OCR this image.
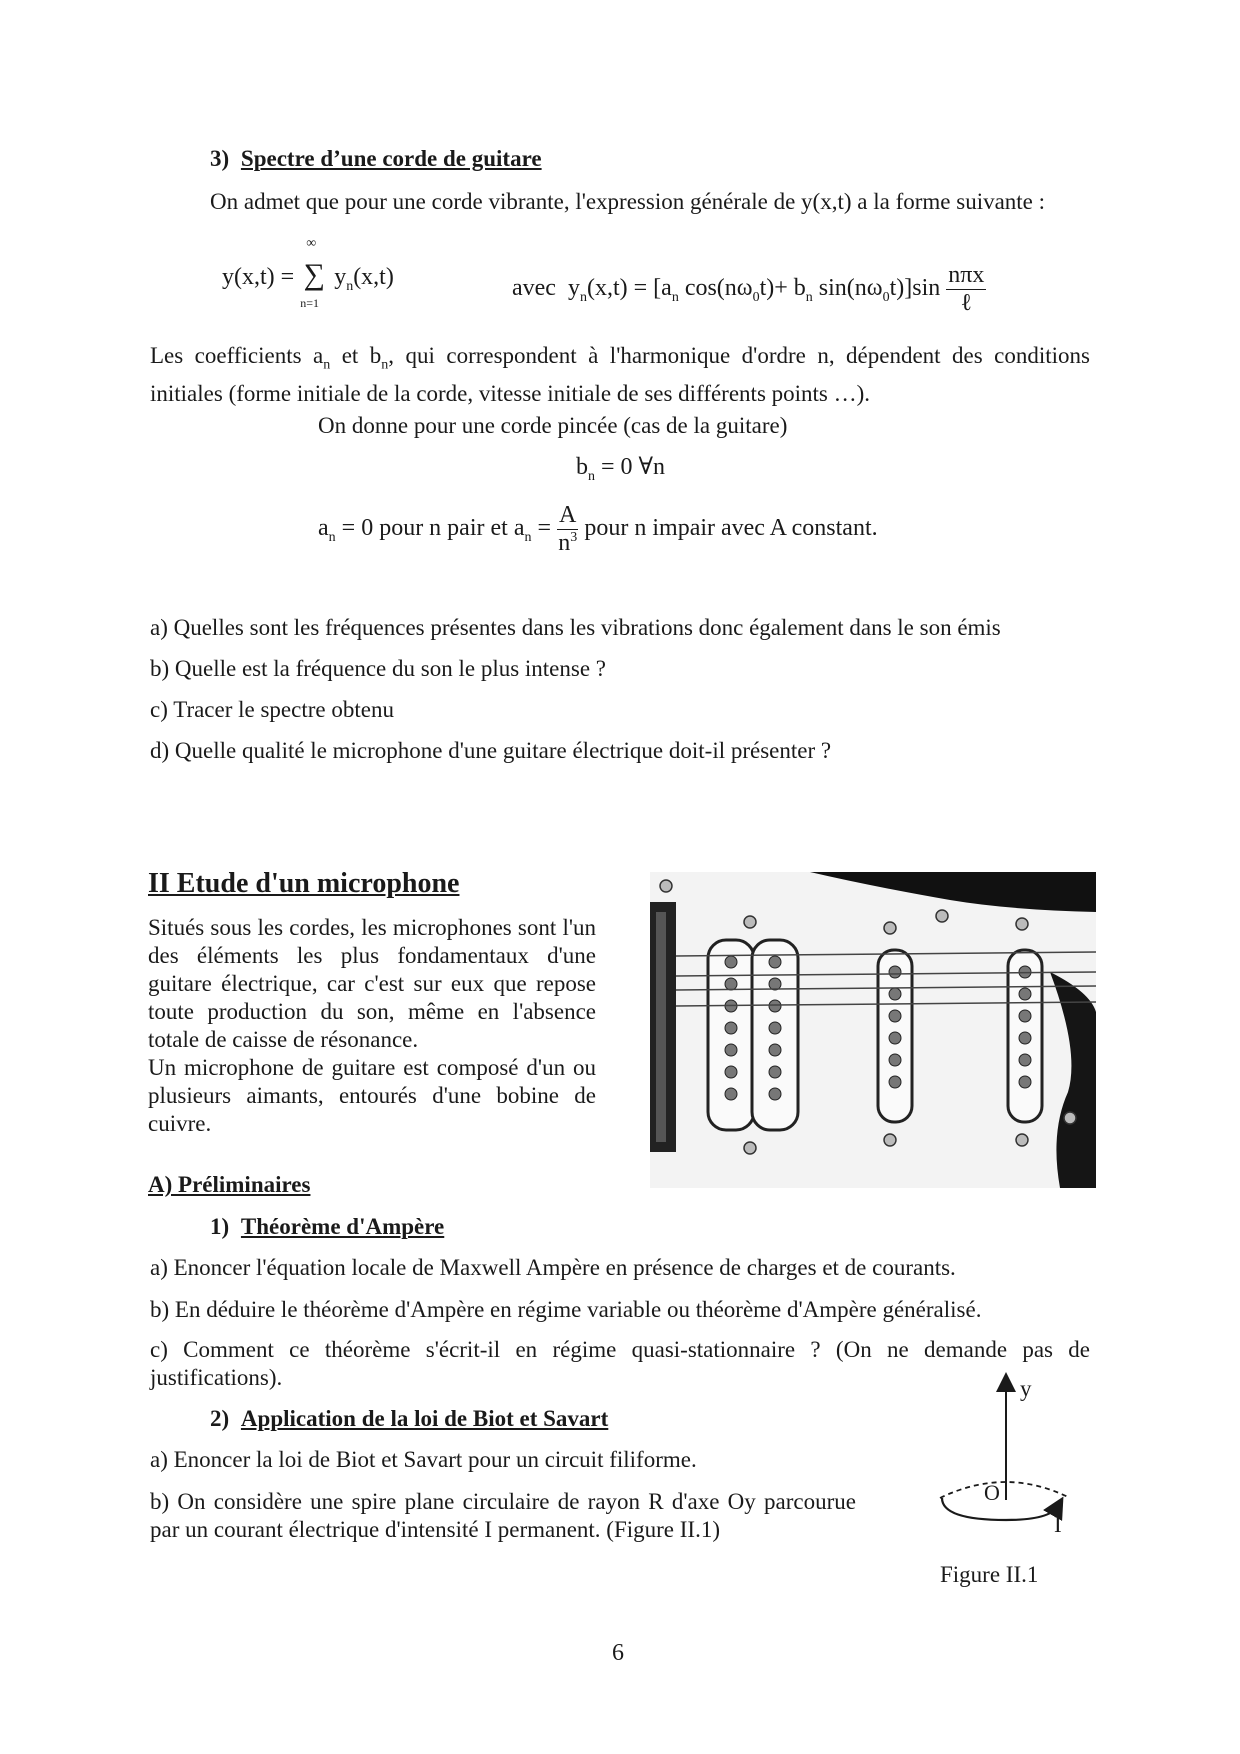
3) Spectre d’une corde de guitare
On admet que pour une corde vibrante, l'expression générale de y(x,t) a la forme suivante :
y(x,t) =
∞
∑
n=1
$y_n(x,t)$	avec $y_n(x,t) = [a_n$ $\cos(n\omega_0t)+ b_n$ $\sin(n\omega_0t)]\sin \frac{\text{nπx}}{\text{ℓ}}$
Les coefficients $a_n$ et $b_n$, qui correspondent à l'harmonique d'ordre n, dépendent des conditions initiales (forme initiale de la corde, vitesse initiale de ses différents points …).
On donne pour une corde pincée (cas de la guitare)
$b_n = 0$ ∀n
$a_n = 0$ pour n pair et $a_n = \frac{A}{n^3}$ pour n impair avec A constant.
a) Quelles sont les fréquences présentes dans les vibrations donc également dans le son émis
b) Quelle est la fréquence du son le plus intense ?
c) Tracer le spectre obtenu
d) Quelle qualité le microphone d'une guitare électrique doit-il présenter ?
II Etude d'un microphone
Situés sous les cordes, les microphones sont l'un des éléments les plus fondamentaux d'une guitare électrique, car c'est sur eux que repose toute production du son, même en l'absence totale de caisse de résonance.
Un microphone de guitare est composé d'un ou plusieurs aimants, entourés d'une bobine de cuivre.
A) Préliminaires
1) Théorème d'Ampère
a) Enoncer l'équation locale de Maxwell Ampère en présence de charges et de courants.
b) En déduire le théorème d'Ampère en régime variable ou théorème d'Ampère généralisé.
c) Comment ce théorème s'écrit-il en régime quasi-stationnaire ? (On ne demande pas de justifications).
2) Application de la loi de Biot et Savart
a) Enoncer la loi de Biot et Savart pour un circuit filiforme.
b) On considère une spire plane circulaire de rayon R d'axe Oy parcourue par un courant électrique d'intensité I permanent. (Figure II.1)
y
O
I
Figure II.1
6
